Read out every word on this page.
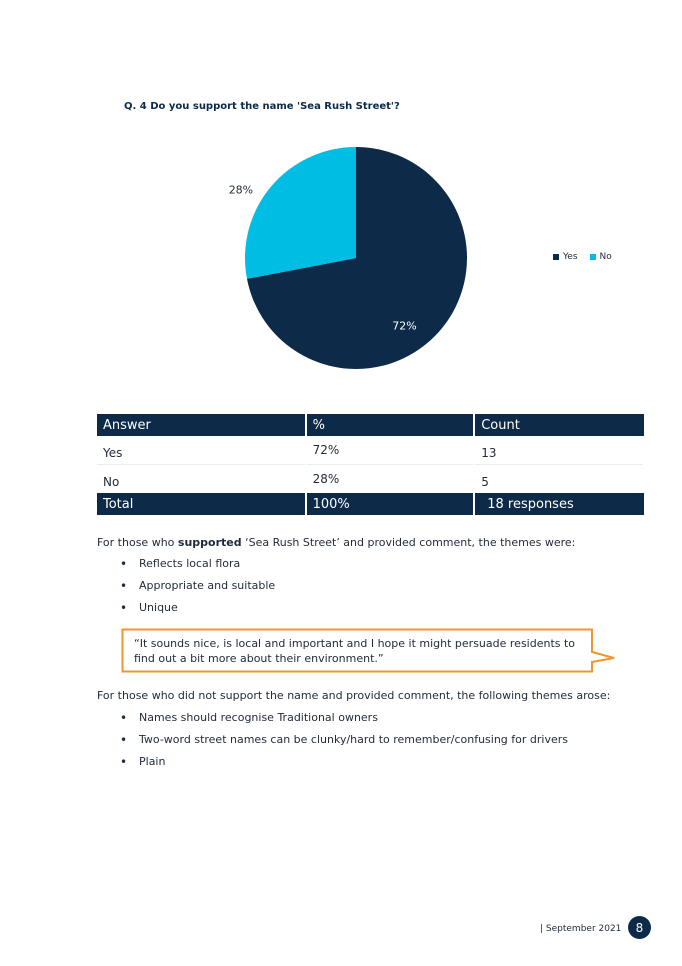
Q. 4 Do you support the name 'Sea Rush Street'?
72%
28%
Yes No
Answer	%	Count
Yes	72%	13
No	28%	5
Total	100%	18 responses
For those who supported ‘Sea Rush Street’ and provided comment, the themes were:
• Reflects local flora
• Appropriate and suitable
• Unique
“It sounds nice, is local and important and I hope it might persuade residents to find out a bit more about their environment.”
For those who did not support the name and provided comment, the following themes arose:
• Names should recognise Traditional owners
• Two-word street names can be clunky/hard to remember/confusing for drivers
• Plain
| September 2021	8
